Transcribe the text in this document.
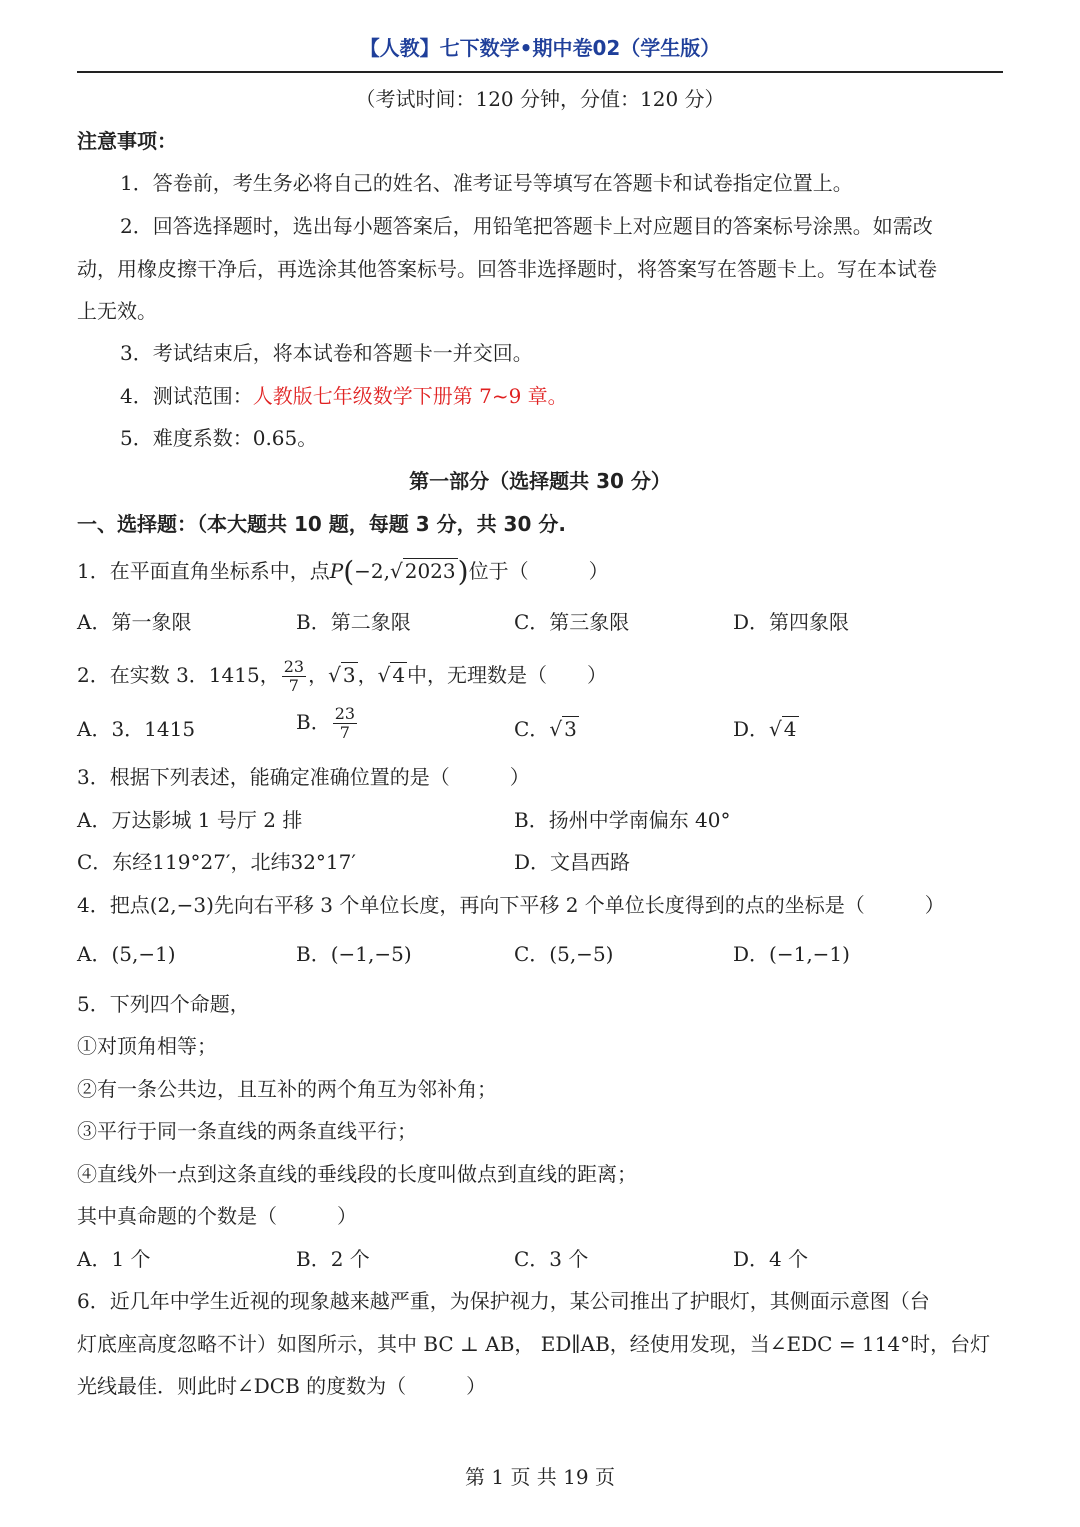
【人教】七下数学•期中卷02（学生版）
（考试时间：120 分钟，分值：120 分）
注意事项：
1．答卷前，考生务必将自己的姓名、准考证号等填写在答题卡和试卷指定位置上。
2．回答选择题时，选出每小题答案后，用铅笔把答题卡上对应题目的答案标号涂黑。如需改
动，用橡皮擦干净后，再选涂其他答案标号。回答非选择题时，将答案写在答题卡上。写在本试卷
上无效。
3．考试结束后，将本试卷和答题卡一并交回。
4．测试范围：人教版七年级数学下册第 7~9 章。
5．难度系数：0.65。
第一部分（选择题共 30 分）
一、选择题：（本大题共 10 题，每题 3 分，共 30 分.
1．在平面直角坐标系中，点P(−2,√ 2023)位于（　　　）
A．第一象限	B．第二象限	C．第三象限	D．第四象限
2．在实数 3．1415， $\frac{23}{7}$ ，√ 3 ，√ 4 中，无理数是（　　）
A．3．1415	B． $\frac{23}{7}$	C．√ 3	D．√ 4
3．根据下列表述，能确定准确位置的是（　　　）
A．万达影城 1 号厅 2 排	B．扬州中学南偏东 40°
C．东经119°27′，北纬32°17′	D．文昌西路
4．把点(2,−3)先向右平移 3 个单位长度，再向下平移 2 个单位长度得到的点的坐标是（　　　）
A．(5,−1)	B．(−1,−5)	C．(5,−5)	D．(−1,−1)
5．下列四个命题，
①对顶角相等；
②有一条公共边，且互补的两个角互为邻补角；
③平行于同一条直线的两条直线平行；
④直线外一点到这条直线的垂线段的长度叫做点到直线的距离；
其中真命题的个数是（　　　）
A．1 个	B．2 个	C．3 个	D．4 个
6．近几年中学生近视的现象越来越严重，为保护视力，某公司推出了护眼灯，其侧面示意图（台
灯底座高度忽略不计）如图所示，其中 BC ⊥ AB， ED∥AB，经使用发现，当∠EDC = 114°时，台灯
光线最佳．则此时∠DCB 的度数为（　　　）
第 1 页 共 19 页
